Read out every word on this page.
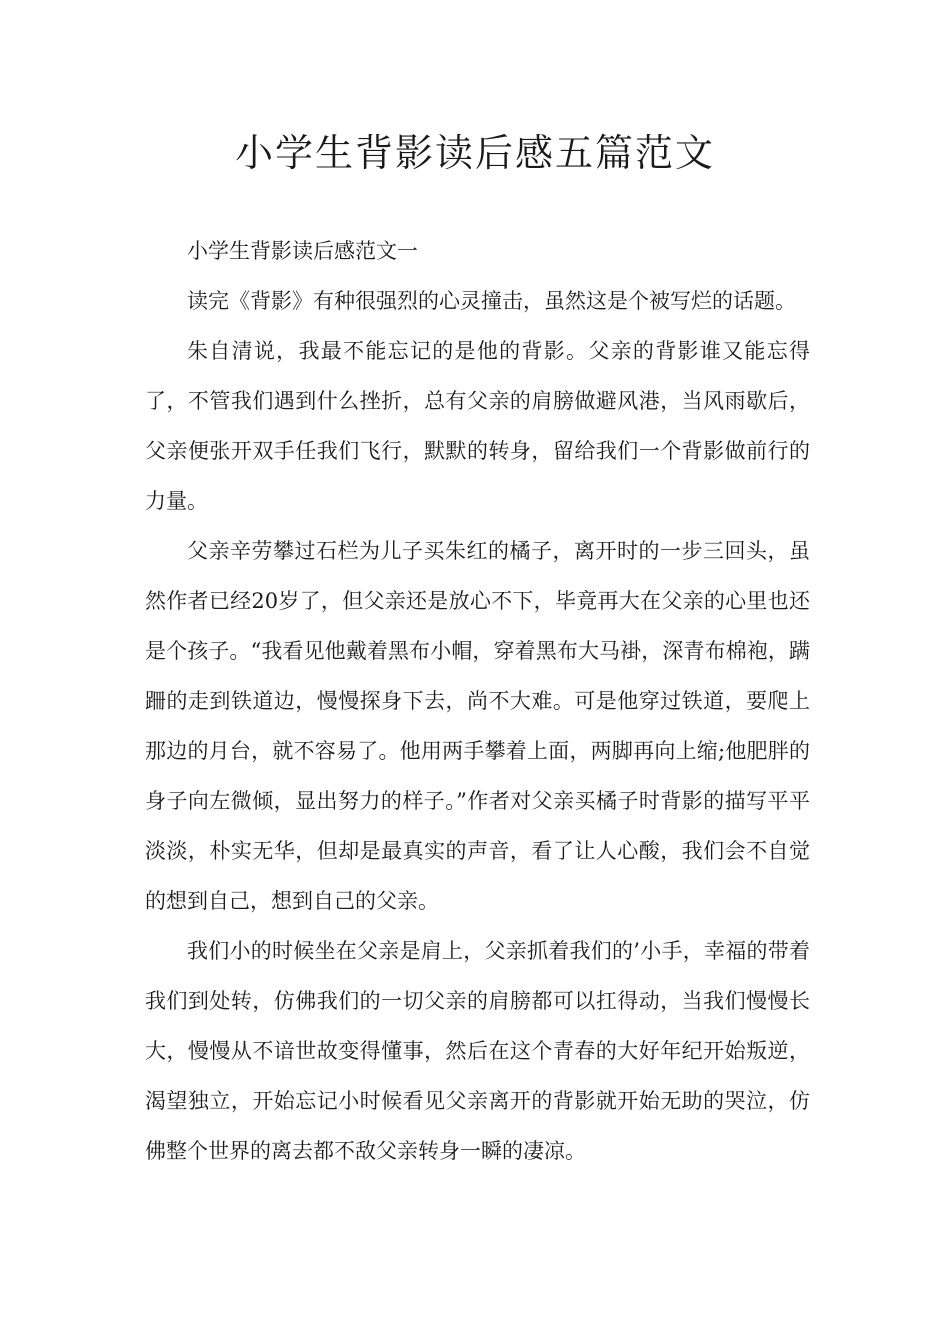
小学生背影读后感五篇范文

小学生背影读后感范文一

读完《背影》有种很强烈的心灵撞击，虽然这是个被写烂的话题。

朱自清说，我最不能忘记的是他的背影。父亲的背影谁又能忘得了，不管我们遇到什么挫折，总有父亲的肩膀做避风港，当风雨歇后，父亲便张开双手任我们飞行，默默的转身，留给我们一个背影做前行的力量。

父亲辛劳攀过石栏为儿子买朱红的橘子，离开时的一步三回头，虽然作者已经20岁了，但父亲还是放心不下，毕竟再大在父亲的心里也还是个孩子。“我看见他戴着黑布小帽，穿着黑布大马褂，深青布棉袍，蹒跚的走到铁道边，慢慢探身下去，尚不大难。可是他穿过铁道，要爬上那边的月台，就不容易了。他用两手攀着上面，两脚再向上缩;他肥胖的身子向左微倾，显出努力的样子。”作者对父亲买橘子时背影的描写平平淡淡，朴实无华，但却是最真实的声音，看了让人心酸，我们会不自觉的想到自己，想到自己的父亲。

我们小的时候坐在父亲是肩上，父亲抓着我们的’小手，幸福的带着我们到处转，仿佛我们的一切父亲的肩膀都可以扛得动，当我们慢慢长大，慢慢从不谙世故变得懂事，然后在这个青春的大好年纪开始叛逆，渴望独立，开始忘记小时候看见父亲离开的背影就开始无助的哭泣，仿佛整个世界的离去都不敌父亲转身一瞬的凄凉。
